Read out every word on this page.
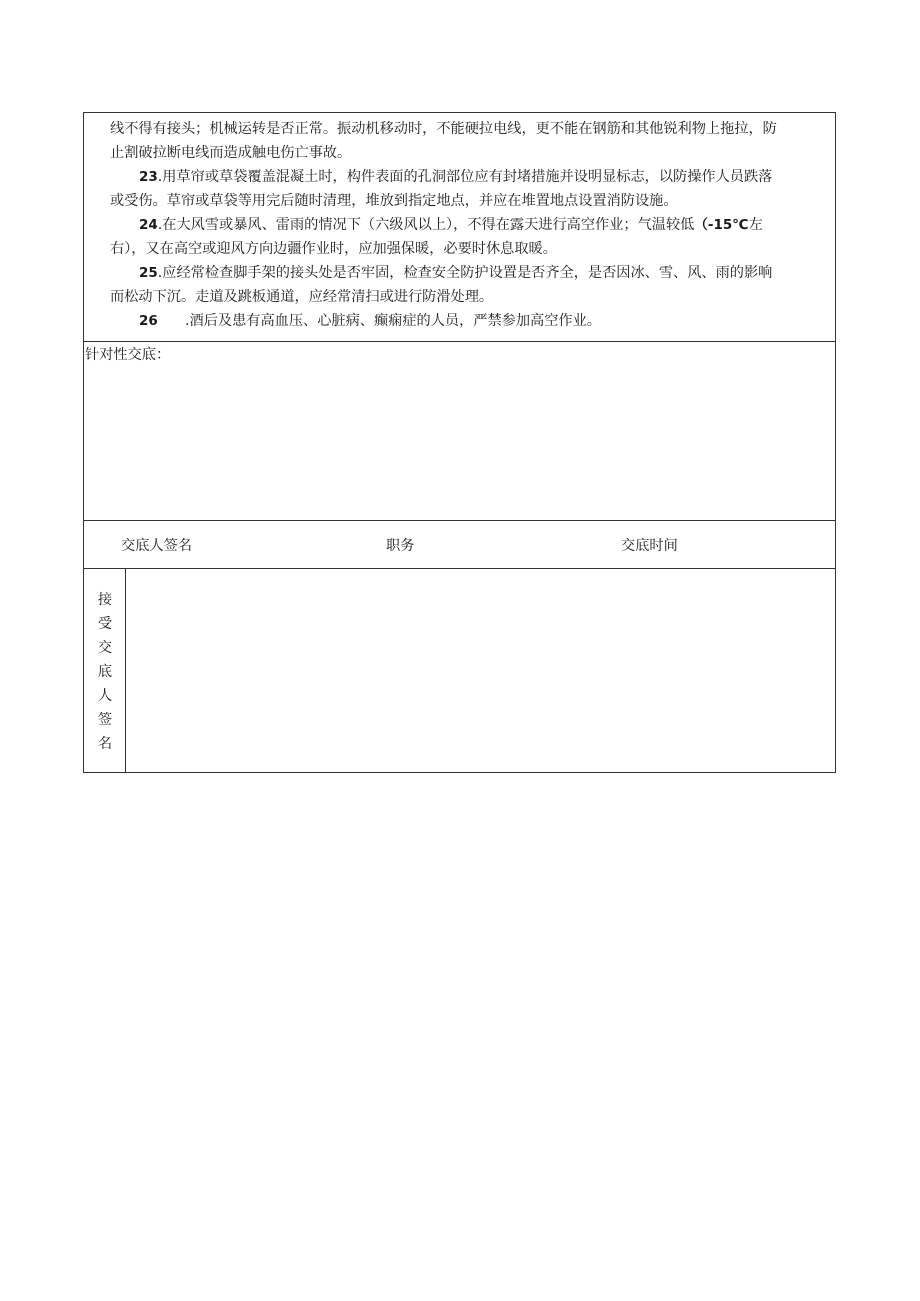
线不得有接头；机械运转是否正常。振动机移动时，不能硬拉电线，更不能在钢筋和其他锐利物上拖拉，防
止割破拉断电线而造成触电伤亡事故。
23.用草帘或草袋覆盖混凝土时，构件表面的孔洞部位应有封堵措施并设明显标志，以防操作人员跌落
或受伤。草帘或草袋等用完后随时清理，堆放到指定地点，并应在堆置地点设置消防设施。
24.在大风雪或暴风、雷雨的情况下（六级风以上），不得在露天进行高空作业；气温较低（-15℃左
右），又在高空或迎风方向边疆作业时，应加强保暖，必要时休息取暖。
25.应经常检查脚手架的接头处是否牢固，检查安全防护设置是否齐全，是否因冰、雪、风、雨的影响
而松动下沉。走道及跳板通道，应经常清扫或进行防滑处理。
26 .酒后及患有高血压、心脏病、癫痫症的人员，严禁参加高空作业。
针对性交底：
交底人签名	职务	交底时间
接
受
交
底
人
签
名
